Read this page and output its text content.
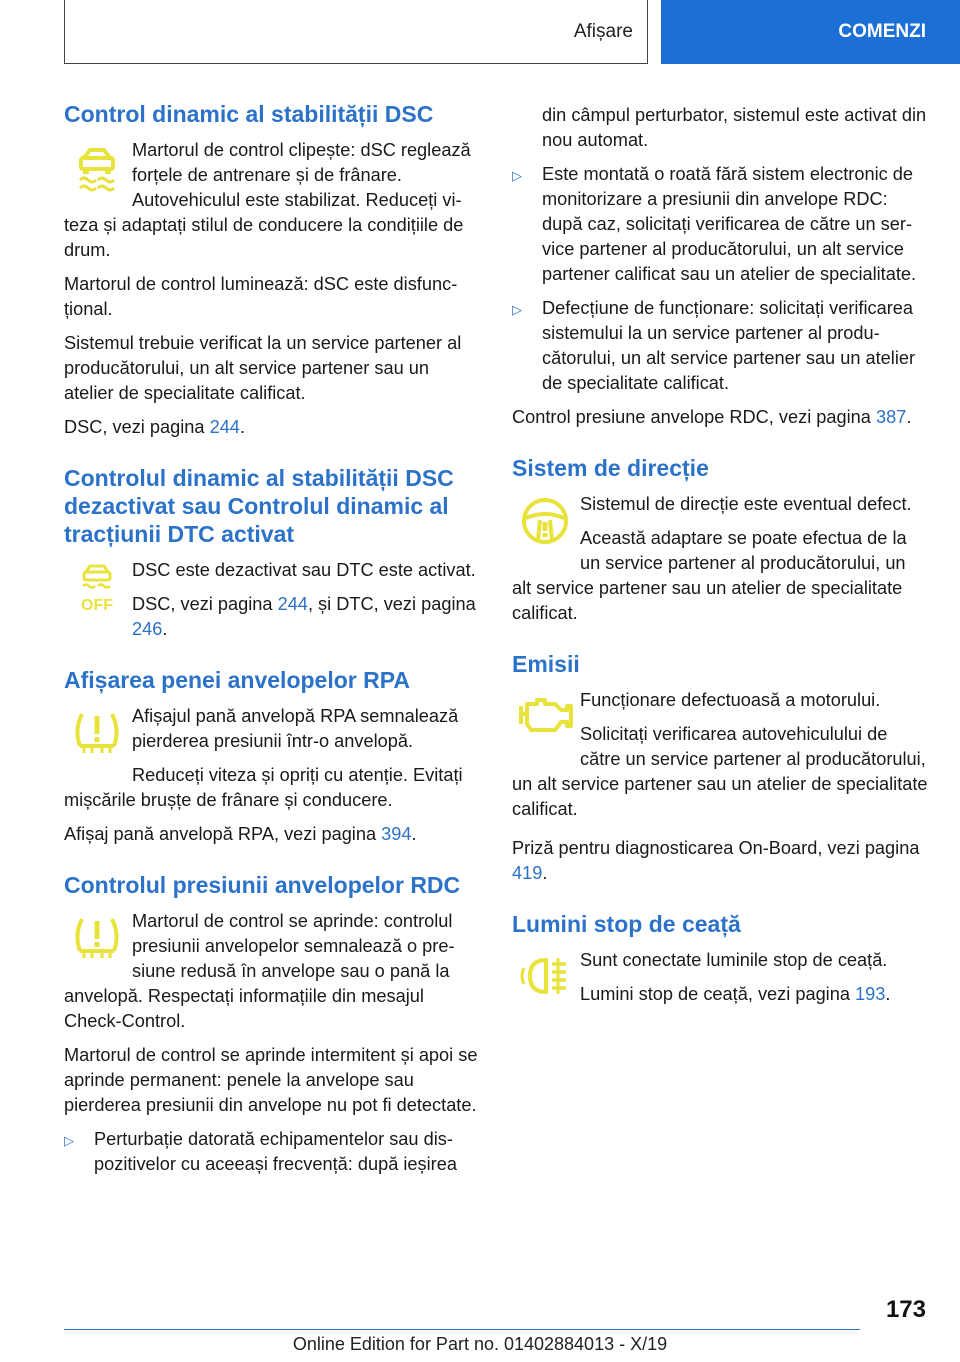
Afișare	COMENZI
Control dinamic al stabilității DSC

Martorul de control clipește: dSC reglează forțele de antrenare și de frânare. Autovehiculul este stabilizat. Reduceți viteza și adaptați stilul de conducere la condițiile de drum.

Martorul de control luminează: dSC este disfuncțional.

Sistemul trebuie verificat la un service partener al producătorului, un alt service partener sau un atelier de specialitate calificat.

DSC, vezi pagina 244.

Controlul dinamic al stabilității DSC dezactivat sau Controlul dinamic al tracțiunii DTC activat
OFF

DSC este dezactivat sau DTC este activat.

DSC, vezi pagina 244, și DTC, vezi pagina 246.

Afișarea penei anvelopelor RPA

Afișajul pană anvelopă RPA semnalează pierderea presiunii într-o anvelopă.

Reduceți viteza și opriți cu atenție. Evitați mișcările brușțe de frânare și conducere.

Afișaj pană anvelopă RPA, vezi pagina 394.

Controlul presiunii anvelopelor RDC

Martorul de control se aprinde: controlul presiunii anvelopelor semnalează o presiune redusă în anvelope sau o pană la anvelopă. Respectați informațiile din mesajul Check-Control.

Martorul de control se aprinde intermitent și apoi se aprinde permanent: penele la anvelope sau pierderea presiunii din anvelope nu pot fi detectate.

▷ Perturbație datorată echipamentelor sau dispozitivelor cu aceeași frecvență: după ieșirea
din câmpul perturbator, sistemul este activat din nou automat.
▷ Este montată o roată fără sistem electronic de monitorizare a presiunii din anvelope RDC: după caz, solicitați verificarea de către un service partener al producătorului, un alt service partener calificat sau un atelier de specialitate.
▷ Defecțiune de funcționare: solicitați verificarea sistemului la un service partener al producătorului, un alt service partener sau un atelier de specialitate calificat.

Control presiune anvelope RDC, vezi pagina 387.

Sistem de direcție

Sistemul de direcție este eventual defect.

Această adaptare se poate efectua de la un service partener al producătorului, un alt service partener sau un atelier de specialitate calificat.

Emisii

Funcționare defectuoasă a motorului.

Solicitați verificarea autovehiculului de către un service partener al producătorului, un alt service partener sau un atelier de specialitate calificat.

Priză pentru diagnosticarea On-Board, vezi pagina 419.

Lumini stop de ceață

Sunt conectate luminile stop de ceață.

Lumini stop de ceață, vezi pagina 193.

173
Online Edition for Part no. 01402884013 - X/19
